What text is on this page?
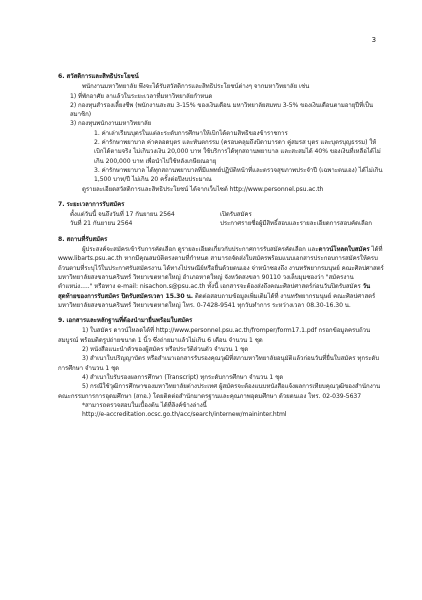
3
6. สวัสดิการและสิทธิประโยชน์

พนักงานมหาวิทยาลัย พึงจะได้รับสวัสดิการและสิทธิประโยชน์ต่างๆ จากมหาวิทยาลัย เช่น

1) ที่พักอาศัย ลาแล้วในระยะเวลาที่มหาวิทยาลัยกำหนด

2) กองทุนสำรองเลี้ยงชีพ (พนักงานสะสม 3-15% ของเงินเดือน มหาวิทยาลัยสมทบ 3-5% ของเงินเดือนตามอายุปีที่เป็นสมาชิก)

3) กองทุนพนักงานมหาวิทยาลัย

1. ค่าเล่าเรียนบุตรในแต่ละระดับการศึกษาให้เบิกได้ตามสิทธิของข้าราชการ

2. ค่ารักษาพยาบาล ค่าคลอดบุตร และทันตกรรม (ครอบคลุมถึงบิดามารดา คู่สมรส บุตร และบุตรบุญธรรม) ให้เบิกได้ตามจริง ไม่เกินวงเงิน 20,000 บาท ใช้บริการได้ทุกสถานพยาบาล และสะสมได้ 40% ของเงินที่เหลือได้ไม่เกิน 200,000 บาท เพื่อนำไปใช้หลังเกษียณอายุ

3. ค่ารักษาพยาบาล ได้ทุกสถานพยาบาลที่มีแพทย์ปฏิบัติหน้าที่และตรวจสุขภาพประจำปี (เฉพาะตนเอง) ได้ไม่เกิน 1,500 บาท/ปี ไม่เกิน 20 ครั้งต่อปีงบประมาณ

ดูรายละเอียดสวัสดิการและสิทธิประโยชน์ ได้จากเว็บไซต์ http://www.personnel.psu.ac.th

7. ระยะเวลาการรับสมัคร
ตั้งแต่วันนี้ จนถึงวันที่ 17 กันยายน 2564	เปิดรับสมัคร
วันที่ 21 กันยายน 2564	ประกาศรายชื่อผู้มีสิทธิ์สอบและรายละเอียดการสอบคัดเลือก
8. สถานที่รับสมัคร

ผู้ประสงค์จะสมัครเข้ารับการคัดเลือก ดูรายละเอียดเกี่ยวกับประกาศการรับสมัครคัดเลือก และดาวน์โหลดใบสมัคร ได้ที่ www.libarts.psu.ac.th หากมีคุณสมบัติตรงตามที่กำหนด สามารถจัดส่งใบสมัครพร้อมแนบเอกสารประกอบการสมัครให้ครบถ้วนตามที่ระบุไว้ในประกาศรับสมัครงาน ได้ทางไปรษณีย์หรือยื่นด้วยตนเอง จ่าหน้าซองถึง งานทรัพยากรมนุษย์ คณะศิลปศาสตร์ มหาวิทยาลัยสงขลานครินทร์ วิทยาเขตหาดใหญ่ อำเภอหาดใหญ่ จังหวัดสงขลา 90110 วงเล็บมุมซองว่า "สมัครงานตำแหน่ง....." หรือทาง e-mail: nisachon.s@psu.ac.th ทั้งนี้ เอกสารจะต้องส่งถึงคณะศิลปศาสตร์ก่อนวันปิดรับสมัคร วันสุดท้ายของการรับสมัคร ปิดรับสมัครเวลา 15.30 น. ติดต่อสอบถามข้อมูลเพิ่มเติมได้ที่ งานทรัพยากรมนุษย์ คณะศิลปศาสตร์ มหาวิทยาลัยสงขลานครินทร์ วิทยาเขตหาดใหญ่ โทร. 0-7428-9541 ทุกวันทำการ ระหว่างเวลา 08.30-16.30 น.

9. เอกสารและหลักฐานที่ต้องนำมายื่นพร้อมใบสมัคร

1) ใบสมัคร ดาวน์โหลดได้ที่ http://www.personnel.psu.ac.th/fromper/form17.1.pdf กรอกข้อมูลครบถ้วนสมบูรณ์ พร้อมติดรูปถ่ายขนาด 1 นิ้ว ซึ่งถ่ายมาแล้วไม่เกิน 6 เดือน จำนวน 1 ชุด

2) หนังสือแนะนำตัวของผู้สมัคร หรือประวัติส่วนตัว จำนวน 1 ชุด

3) สำเนาใบปริญญาบัตร หรือสำเนาเอกสารรับรองคุณวุฒิที่สภามหาวิทยาลัยอนุมัติแล้วก่อนวันที่ยื่นใบสมัคร ทุกระดับการศึกษา จำนวน 1 ชุด

4) สำเนาใบรับรองผลการศึกษา (Transcript) ทุกระดับการศึกษา จำนวน 1 ชุด

5) กรณีใช้วุฒิการศึกษาของมหาวิทยาลัยต่างประเทศ ผู้สมัครจะต้องแนบหนังสือแจ้งผลการเทียบคุณวุฒิของสำนักงานคณะกรรมการการอุดมศึกษา (สกอ.) โดยติดต่อสำนักมาตรฐานและคุณภาพอุดมศึกษา ด้วยตนเอง โทร. 02-039-5637

*สามารถตรวจสอบในเบื้องต้น ได้ที่ลิงค์ข้างล่างนี้

http://e-accreditation.ocsc.go.th/acc/search/internew/maininter.html
